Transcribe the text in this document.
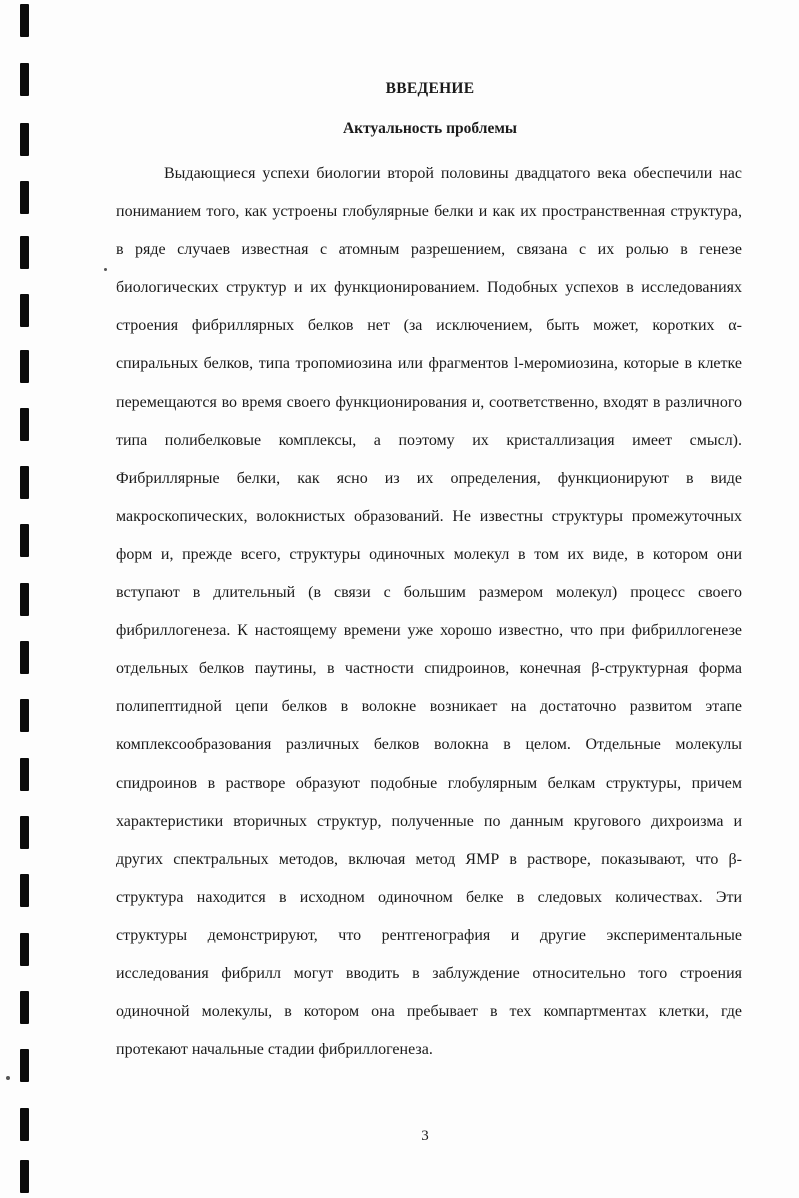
ВВЕДЕНИЕ
Актуальность проблемы
Выдающиеся успехи биологии второй половины двадцатого века обеспечили нас
пониманием того, как устроены глобулярные белки и как их пространственная структура,
в ряде случаев известная с атомным разрешением, связана с их ролью в генезе
биологических структур и их функционированием. Подобных успехов в исследованиях
строения фибриллярных белков нет (за исключением, быть может, коротких α-
спиральных белков, типа тропомиозина или фрагментов l-меромиозина, которые в клетке
перемещаются во время своего функционирования и, соответственно, входят в различного
типа полибелковые комплексы, а поэтому их кристаллизация имеет смысл).
Фибриллярные белки, как ясно из их определения, функционируют в виде
макроскопических, волокнистых образований. Не известны структуры промежуточных
форм и, прежде всего, структуры одиночных молекул в том их виде, в котором они
вступают в длительный (в связи с большим размером молекул) процесс своего
фибриллогенеза. К настоящему времени уже хорошо известно, что при фибриллогенезе
отдельных белков паутины, в частности спидроинов, конечная β-структурная форма
полипептидной цепи белков в волокне возникает на достаточно развитом этапе
комплексообразования различных белков волокна в целом. Отдельные молекулы
спидроинов в растворе образуют подобные глобулярным белкам структуры, причем
характеристики вторичных структур, полученные по данным кругового дихроизма и
других спектральных методов, включая метод ЯМР в растворе, показывают, что β-
структура находится в исходном одиночном белке в следовых количествах. Эти
структуры демонстрируют, что рентгенография и другие экспериментальные
исследования фибрилл могут вводить в заблуждение относительно того строения
одиночной молекулы, в котором она пребывает в тех компартментах клетки, где
протекают начальные стадии фибриллогенеза.
3
